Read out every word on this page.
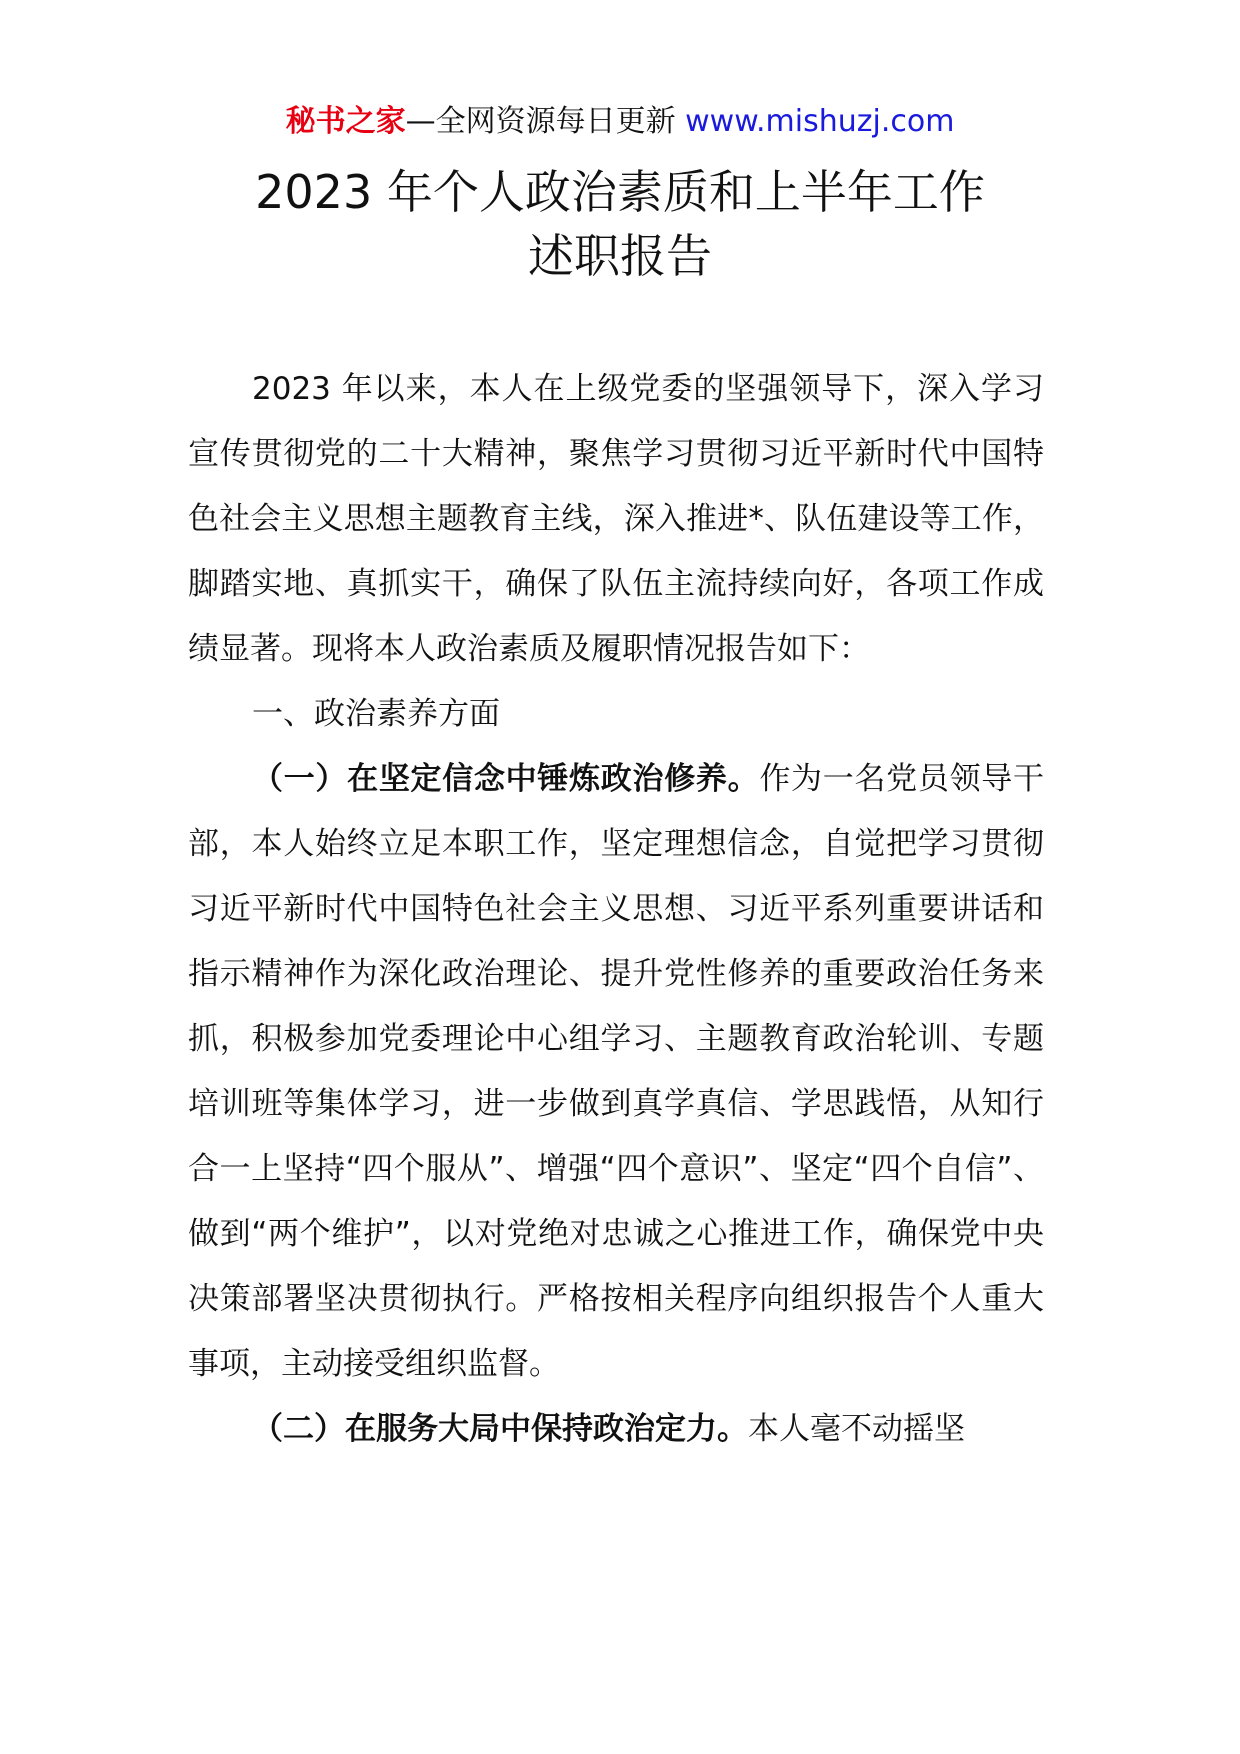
秘书之家—全网资源每日更新 www.mishuzj.com
2023 年个人政治素质和上半年工作
述职报告

2023 年以来，本人在上级党委的坚强领导下，深入学习宣传贯彻党的二十大精神，聚焦学习贯彻习近平新时代中国特色社会主义思想主题教育主线，深入推进*、队伍建设等工作，脚踏实地、真抓实干，确保了队伍主流持续向好，各项工作成绩显著。现将本人政治素质及履职情况报告如下：

一、政治素养方面

（一）在坚定信念中锤炼政治修养。作为一名党员领导干部，本人始终立足本职工作，坚定理想信念，自觉把学习贯彻习近平新时代中国特色社会主义思想、习近平系列重要讲话和指示精神作为深化政治理论、提升党性修养的重要政治任务来抓，积极参加党委理论中心组学习、主题教育政治轮训、专题培训班等集体学习，进一步做到真学真信、学思践悟，从知行合一上坚持“四个服从”、增强“四个意识”、坚定“四个自信”、做到“两个维护”，以对党绝对忠诚之心推进工作，确保党中央决策部署坚决贯彻执行。严格按相关程序向组织报告个人重大事项，主动接受组织监督。

（二）在服务大局中保持政治定力。本人毫不动摇坚
